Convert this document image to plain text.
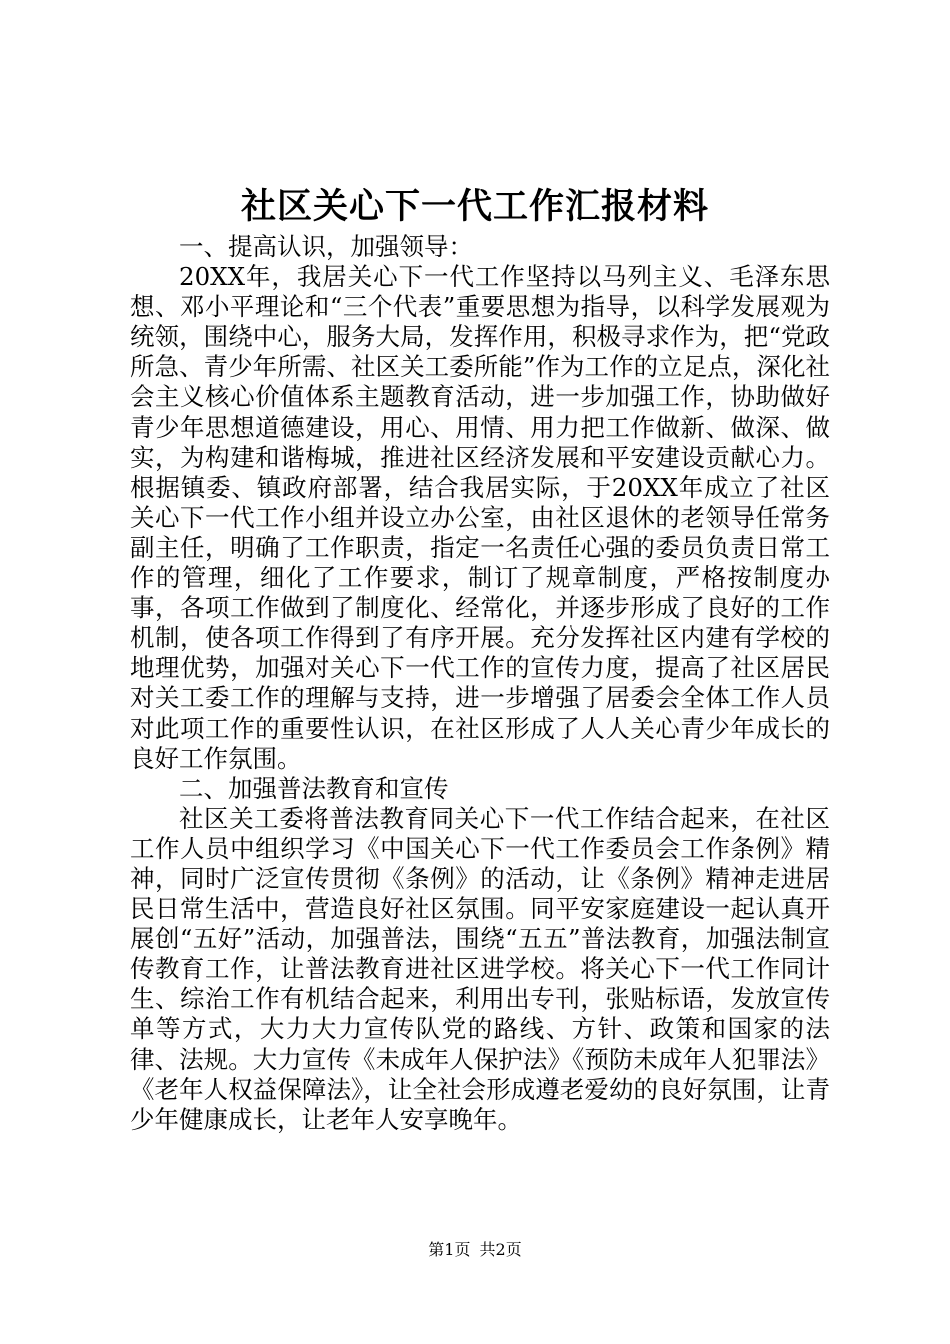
社区关心下一代工作汇报材料

一、提高认识，加强领导：

20XX年，我居关心下一代工作坚持以马列主义、毛泽东思想、邓小平理论和“三个代表”重要思想为指导，以科学发展观为统领，围绕中心，服务大局，发挥作用，积极寻求作为，把“党政所急、青少年所需、社区关工委所能”作为工作的立足点，深化社会主义核心价值体系主题教育活动，进一步加强工作，协助做好青少年思想道德建设，用心、用情、用力把工作做新、做深、做实，为构建和谐梅城，推进社区经济发展和平安建设贡献心力。根据镇委、镇政府部署，结合我居实际，于20XX年成立了社区关心下一代工作小组并设立办公室，由社区退休的老领导任常务副主任，明确了工作职责，指定一名责任心强的委员负责日常工作的管理，细化了工作要求，制订了规章制度，严格按制度办事，各项工作做到了制度化、经常化，并逐步形成了良好的工作机制，使各项工作得到了有序开展。充分发挥社区内建有学校的地理优势，加强对关心下一代工作的宣传力度，提高了社区居民对关工委工作的理解与支持，进一步增强了居委会全体工作人员对此项工作的重要性认识，在社区形成了人人关心青少年成长的良好工作氛围。

二、加强普法教育和宣传

社区关工委将普法教育同关心下一代工作结合起来，在社区工作人员中组织学习《中国关心下一代工作委员会工作条例》精神，同时广泛宣传贯彻《条例》的活动，让《条例》精神走进居民日常生活中，营造良好社区氛围。同平安家庭建设一起认真开展创“五好”活动，加强普法，围绕“五五”普法教育，加强法制宣传教育工作，让普法教育进社区进学校。将关心下一代工作同计生、综治工作有机结合起来，利用出专刊，张贴标语，发放宣传单等方式，大力大力宣传队党的路线、方针、政策和国家的法律、法规。大力宣传《未成年人保护法》《预防未成年人犯罪法》《老年人权益保障法》，让全社会形成遵老爱幼的良好氛围，让青少年健康成长，让老年人安享晚年。

第1页 共2页
